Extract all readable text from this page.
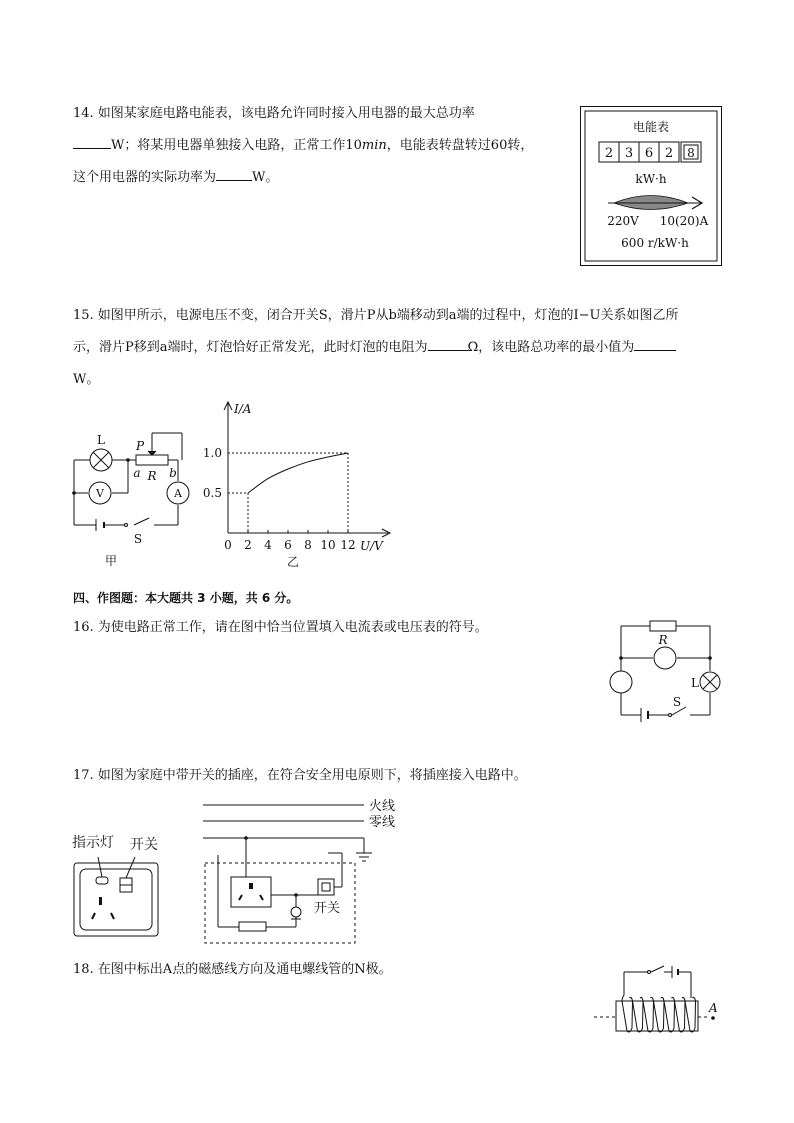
14. 如图某家庭电路电能表，该电路允许同时接入用电器的最大总功率
W；将某用电器单独接入电路，正常工作10min，电能表转盘转过60转，
这个用电器的实际功率为	W。
电能表
2 3 6 2 8
kW·h
220V 10(20)A
600 r/kW·h
15. 如图甲所示，电源电压不变，闭合开关S，滑片P从b端移动到a端的过程中，灯泡的I−U关系如图乙所
示，滑片P移到a端时，灯泡恰好正常发光，此时灯泡的电阻为	Ω，该电路总功率的最小值为
W。
V	A
L	P
a R b
S
甲
I/A
U/V
0 2 4 6 8 10 12
0.5
1.0
乙
四、作图题：本大题共 3 小题，共 6 分。
16. 为使电路正常工作，请在图中恰当位置填入电流表或电压表的符号。
R
L
S
17. 如图为家庭中带开关的插座，在符合安全用电原则下，将插座接入电路中。
火线
零线
开关
指示灯 开关
18. 在图中标出A点的磁感线方向及通电螺线管的N极。
A
